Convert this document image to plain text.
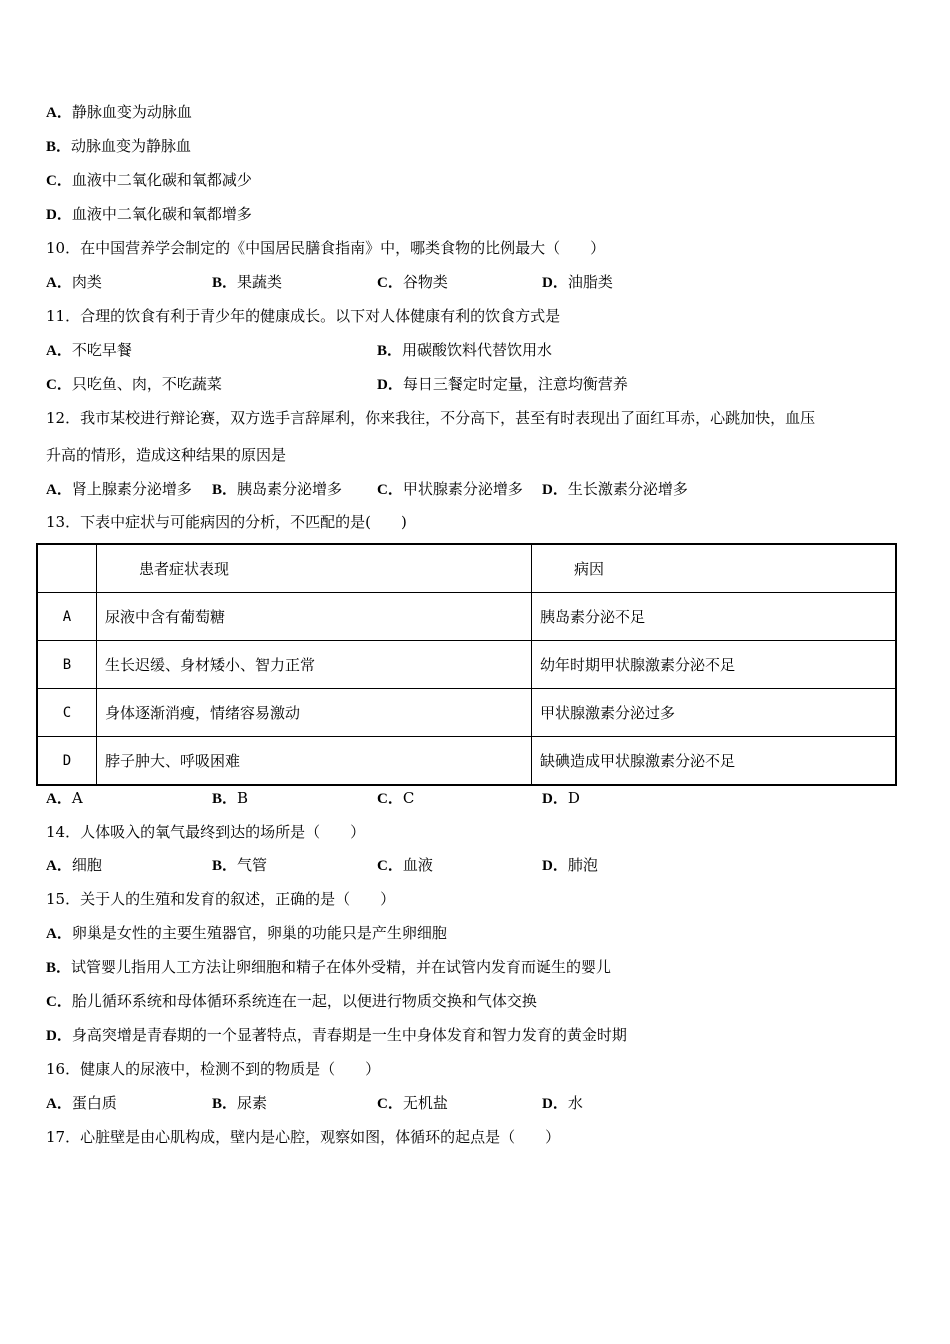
A．静脉血变为动脉血
B．动脉血变为静脉血
C．血液中二氧化碳和氧都减少
D．血液中二氧化碳和氧都增多
10．在中国营养学会制定的《中国居民膳食指南》中，哪类食物的比例最大（　　）
A．肉类	B．果蔬类	C．谷物类	D．油脂类
11．合理的饮食有利于青少年的健康成长。以下对人体健康有利的饮食方式是
A．不吃早餐	B．用碳酸饮料代替饮用水
C．只吃鱼、肉，不吃蔬菜	D．每日三餐定时定量，注意均衡营养
12．我市某校进行辩论赛，双方选手言辞犀利，你来我往，不分高下，甚至有时表现出了面红耳赤，心跳加快，血压
升高的情形，造成这种结果的原因是
A．肾上腺素分泌增多 B．胰岛素分泌增多 C．甲状腺素分泌增多 D．生长激素分泌增多
13．下表中症状与可能病因的分析，不匹配的是(　　)
	患者症状表现	病因
A	尿液中含有葡萄糖	胰岛素分泌不足
B	生长迟缓、身材矮小、智力正常	幼年时期甲状腺激素分泌不足
C	身体逐渐消瘦，情绪容易激动	甲状腺激素分泌过多
D	脖子肿大、呼吸困难	缺碘造成甲状腺激素分泌不足
A．A	B．B	C．C	D．D
14．人体吸入的氧气最终到达的场所是（　　）
A．细胞	B．气管	C．血液	D．肺泡
15．关于人的生殖和发育的叙述，正确的是（　　）
A．卵巢是女性的主要生殖器官，卵巢的功能只是产生卵细胞
B．试管婴儿指用人工方法让卵细胞和精子在体外受精，并在试管内发育而诞生的婴儿
C．胎儿循环系统和母体循环系统连在一起，以便进行物质交换和气体交换
D．身高突增是青春期的一个显著特点，青春期是一生中身体发育和智力发育的黄金时期
16．健康人的尿液中，检测不到的物质是（　　）
A．蛋白质	B．尿素	C．无机盐	D．水
17．心脏壁是由心肌构成，壁内是心腔，观察如图，体循环的起点是（　　）
